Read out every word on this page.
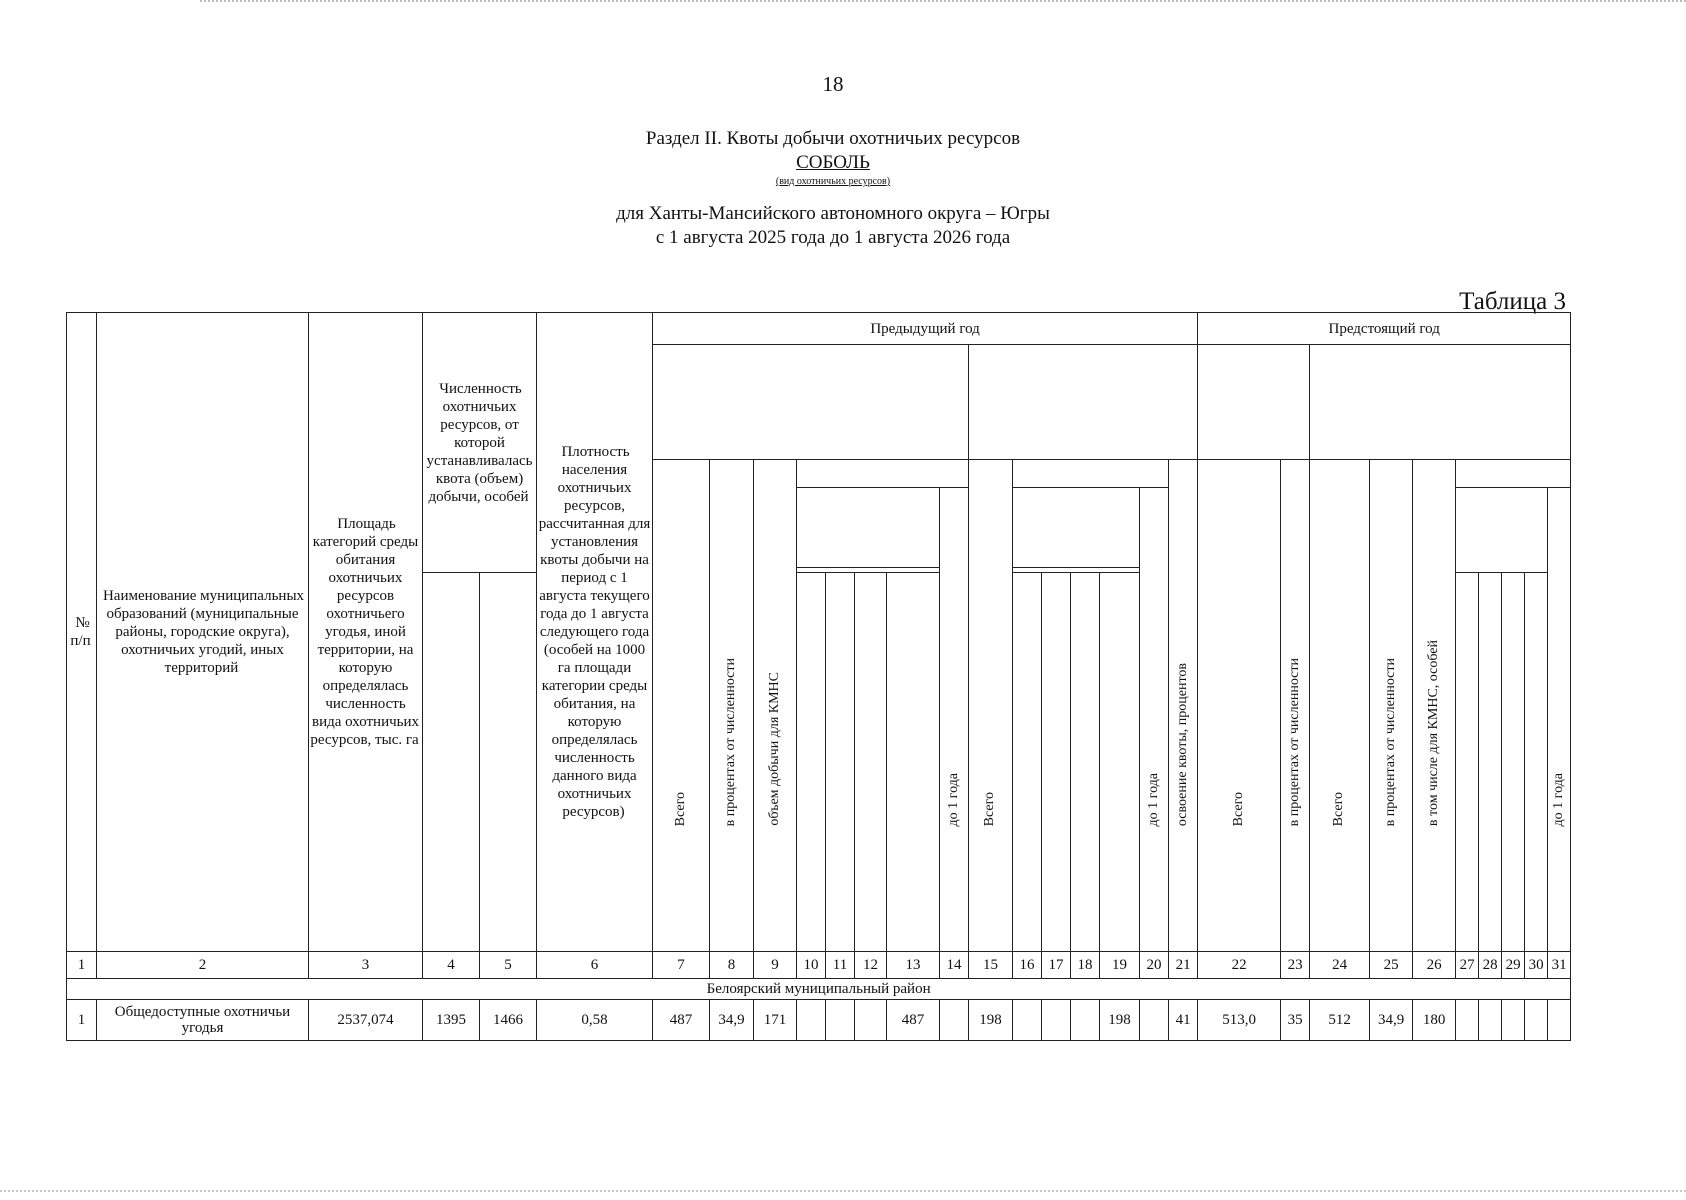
18
Раздел II. Квоты добычи охотничьих ресурсов
СОБОЛЬ
(вид охотничьих ресурсов)
для Ханты-Мансийского автономного округа – Югры
с 1 августа 2025 года до 1 августа 2026 года
Таблица 3
№ п/п	Наименование муниципальных образований (муниципальные районы, городские округа), охотничьих угодий, иных территорий	Площадь категорий среды обитания охотничьих ресурсов охотничьего угодья, иной территории, на которую определялась численность вида охотничьих ресурсов, тыс. га	Численность охотничьих ресурсов, от которой устанавливалась квота (объем) добычи, особей		Плотность населения охотничьих ресурсов, рассчитанная для установления квоты добычи на период с 1 августа текущего года до 1 августа следующего года (особей на 1000 га площади категории среды обитания, на которую определялась численность данного вида охотничьих ресурсов)	Предыдущий год															Предстоящий год									

						Всего	в процентах от численности	объем добычи для КМНС						Всего						освоение квоты, процентов	Всего	в процентах от численности	Всего	в процентах от численности	в том числе для КМНС, особей					
													до 1 года						до 1 года											до 1 года

1	2	3	4	5	6	7	8	9	10	11	12	13	14	15	16	17	18	19	20	21	22	23	24	25	26	27	28	29	30	31
Белоярский муниципальный район																														
1	Общедоступные охотничьи угодья	2537,074	1395	1466	0,58	487	34,9	171				487		198				198		41	513,0	35	512	34,9	180					
